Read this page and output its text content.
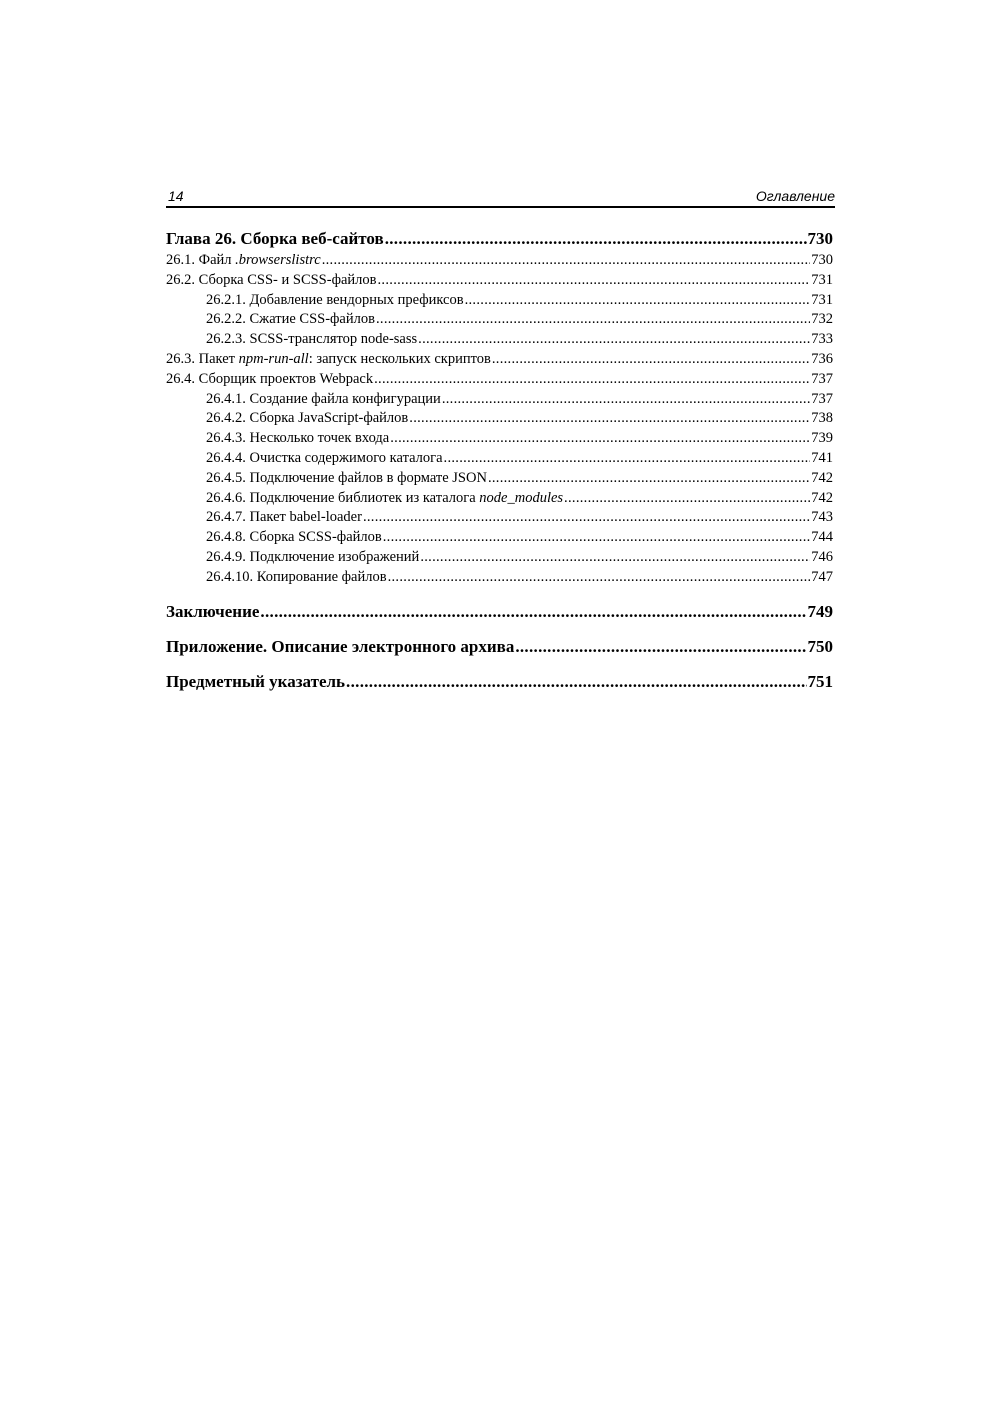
14	Оглавление
Глава 26. Сборка веб-сайтов .....	730
26.1. Файл .browserslistrc .....	730
26.2. Сборка CSS- и SCSS-файлов .....	731
26.2.1. Добавление вендорных префиксов .....	731
26.2.2. Сжатие CSS-файлов .....	732
26.2.3. SCSS-транслятор node-sass .....	733
26.3. Пакет npm-run-all: запуск нескольких скриптов .....	736
26.4. Сборщик проектов Webpack .....	737
26.4.1. Создание файла конфигурации .....	737
26.4.2. Сборка JavaScript-файлов .....	738
26.4.3. Несколько точек входа .....	739
26.4.4. Очистка содержимого каталога .....	741
26.4.5. Подключение файлов в формате JSON .....	742
26.4.6. Подключение библиотек из каталога node_modules .....	742
26.4.7. Пакет babel-loader .....	743
26.4.8. Сборка SCSS-файлов .....	744
26.4.9. Подключение изображений .....	746
26.4.10. Копирование файлов .....	747
Заключение .....	749
Приложение. Описание электронного архива .....	750
Предметный указатель .....	751
